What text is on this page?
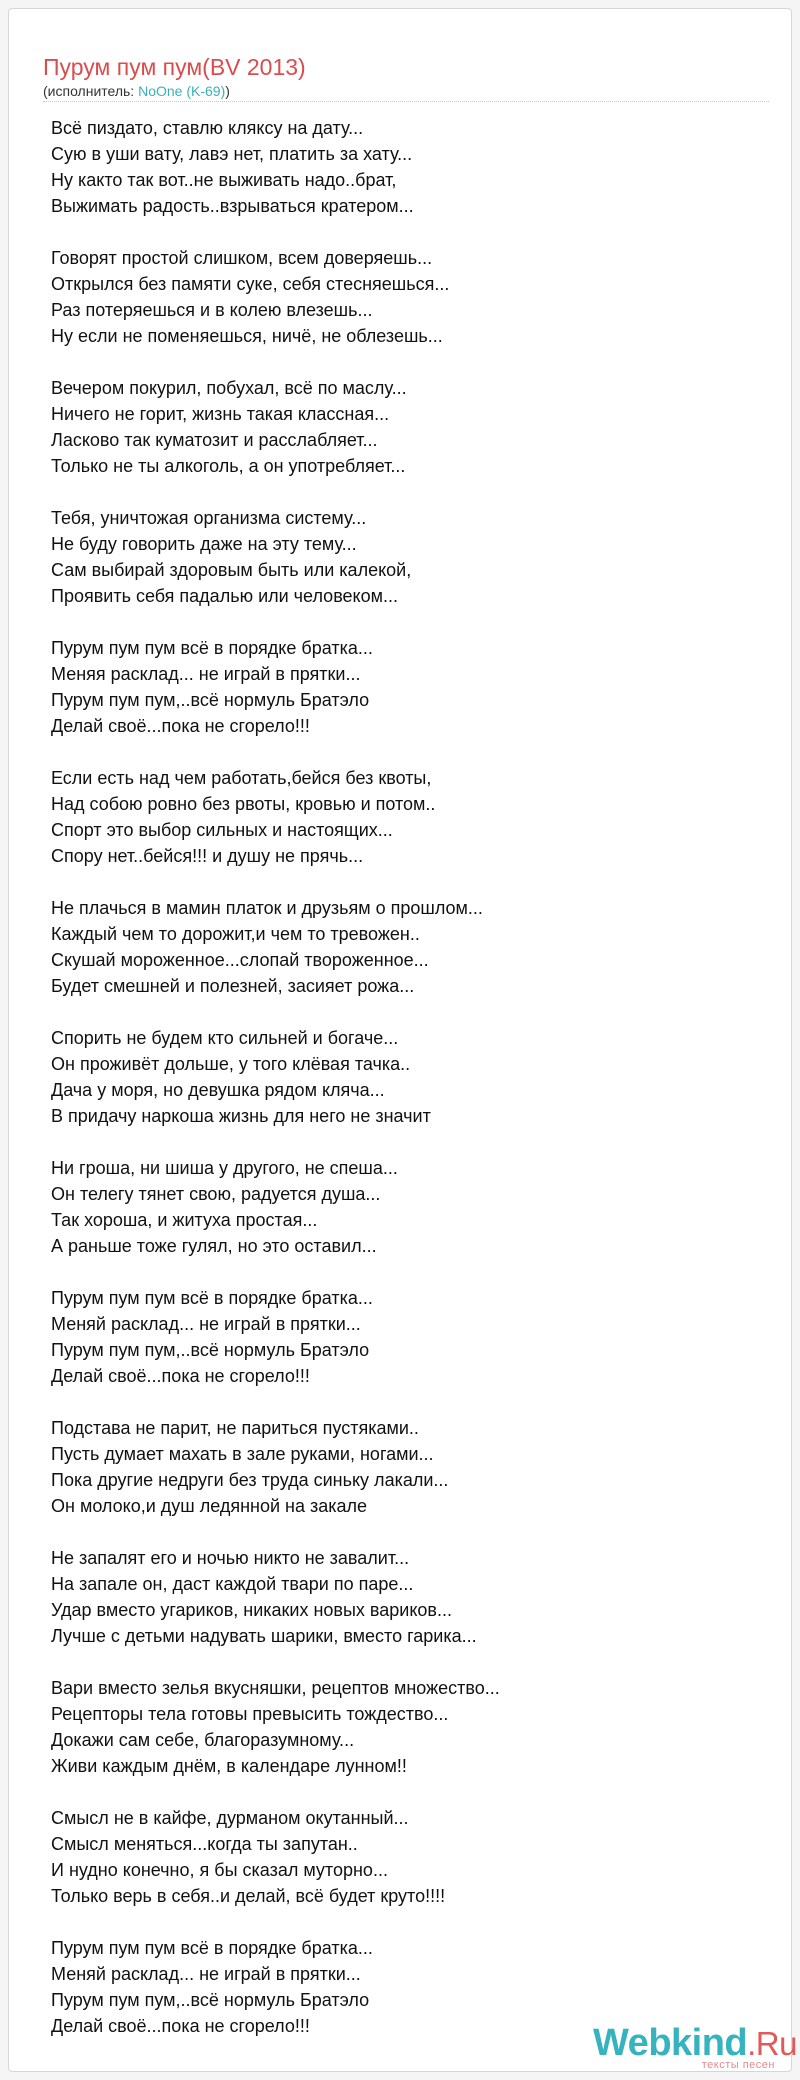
Пурум пум пум(BV 2013)
(исполнитель: NoOne (K-69))
Всё пиздато, ставлю кляксу на дату...
Сую в уши вату, лавэ нет, платить за хату...
Ну както так вот..не выживать надо..брат,
Выжимать радость..взрываться кратером...
Говорят простой слишком, всем доверяешь...
Открылся без памяти суке, себя стесняешься...
Раз потеряешься и в колею влезешь...
Ну если не поменяешься, ничё, не облезешь...
Вечером покурил, побухал, всё по маслу...
Ничего не горит, жизнь такая классная...
Ласково так куматозит и расслабляет...
Только не ты алкоголь, а он употребляет...
Тебя, уничтожая организма систему...
Не буду говорить даже на эту тему...
Сам выбирай здоровым быть или калекой,
Проявить себя падалью или человеком...
Пурум пум пум всё в порядке братка...
Меняя расклад... не играй в прятки...
Пурум пум пум,..всё нормуль Братэло
Делай своё...пока не сгорело!!!
Если есть над чем работать,бейся без квоты,
Над собою ровно без рвоты, кровью и потом..
Спорт это выбор сильных и настоящих...
Спору нет..бейся!!! и душу не прячь...
Не плачься в мамин платок и друзьям о прошлом...
Каждый чем то дорожит,и чем то тревожен..
Скушай мороженное...слопай твороженное...
Будет смешней и полезней, засияет рожа...
Спорить не будем кто сильней и богаче...
Он проживёт дольше, у того клёвая тачка..
Дача у моря, но девушка рядом кляча...
В придачу наркоша жизнь для него не значит
Ни гроша, ни шиша у другого, не спеша...
Он телегу тянет свою, радуется душа...
Так хороша, и житуха простая...
А раньше тоже гулял, но это оставил...
Пурум пум пум всё в порядке братка...
Меняй расклад... не играй в прятки...
Пурум пум пум,..всё нормуль Братэло
Делай своё...пока не сгорело!!!
Подстава не парит, не париться пустяками..
Пусть думает махать в зале руками, ногами...
Пока другие недруги без труда синьку лакали...
Он молоко,и душ ледянной на закале
Не запалят его и ночью никто не завалит...
На запале он, даст каждой твари по паре...
Удар вместо угариков, никаких новых вариков...
Лучше с детьми надувать шарики, вместо гарика...
Вари вместо зелья вкусняшки, рецептов множество...
Рецепторы тела готовы превысить тождество...
Докажи сам себе, благоразумному...
Живи каждым днём, в календаре лунном!!
Смысл не в кайфе, дурманом окутанный...
Смысл меняться...когда ты запутан..
И нудно конечно, я бы сказал муторно...
Только верь в себя..и делай, всё будет круто!!!!
Пурум пум пум всё в порядке братка...
Меняй расклад... не играй в прятки...
Пурум пум пум,..всё нормуль Братэло
Делай своё...пока не сгорело!!!	Webkind.Ru
тексты песен
